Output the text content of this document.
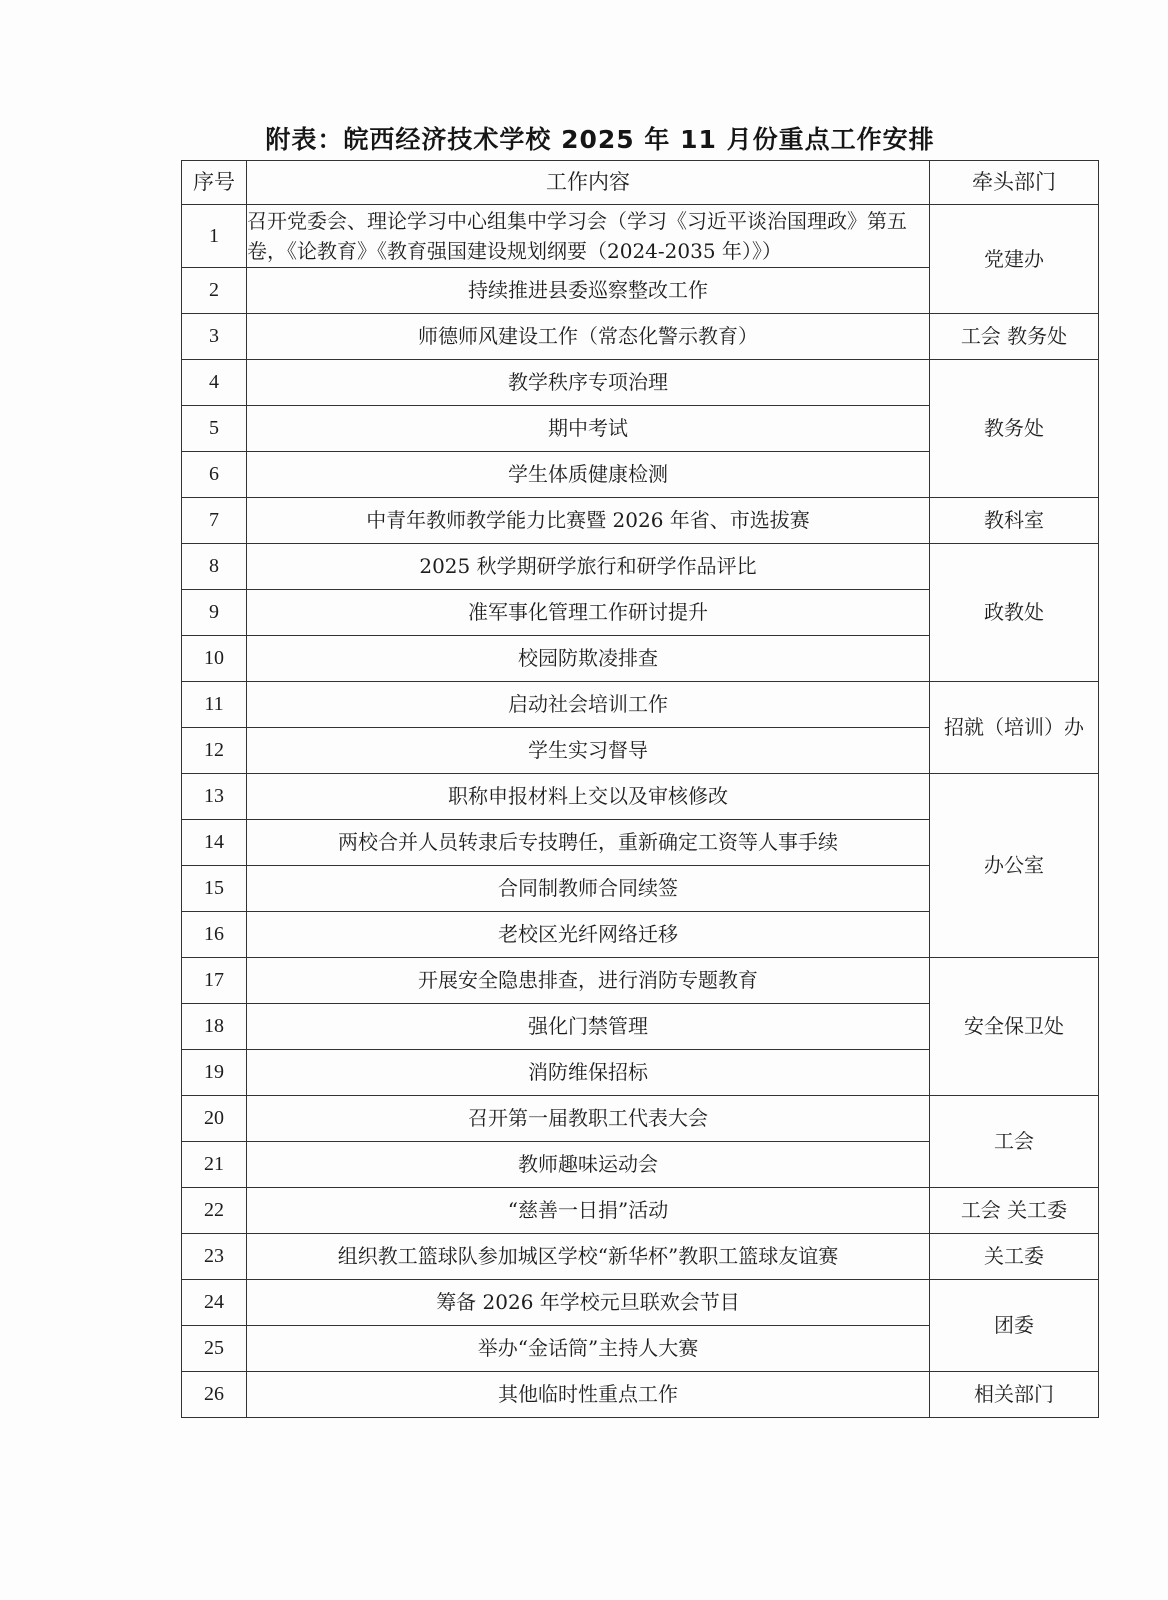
附表：皖西经济技术学校 2025 年 11 月份重点工作安排
序号	工作内容	牵头部门
1	召开党委会、理论学习中心组集中学习会（学习《习近平谈治国理政》第五卷，《论教育》《教育强国建设规划纲要（2024-2035 年）》）	党建办
2	持续推进县委巡察整改工作	
3	师德师风建设工作（常态化警示教育）	工会 教务处
4	教学秩序专项治理	教务处
5	期中考试	
6	学生体质健康检测	
7	中青年教师教学能力比赛暨 2026 年省、市选拔赛	教科室
8	2025 秋学期研学旅行和研学作品评比	政教处
9	准军事化管理工作研讨提升	
10	校园防欺凌排查	
11	启动社会培训工作	招就（培训）办
12	学生实习督导	
13	职称申报材料上交以及审核修改	办公室
14	两校合并人员转隶后专技聘任，重新确定工资等人事手续	
15	合同制教师合同续签	
16	老校区光纤网络迁移	
17	开展安全隐患排查，进行消防专题教育	安全保卫处
18	强化门禁管理	
19	消防维保招标	
20	召开第一届教职工代表大会	工会
21	教师趣味运动会	
22	“慈善一日捐”活动	工会 关工委
23	组织教工篮球队参加城区学校“新华杯”教职工篮球友谊赛	关工委
24	筹备 2026 年学校元旦联欢会节目	团委
25	举办“金话筒”主持人大赛	
26	其他临时性重点工作	相关部门
